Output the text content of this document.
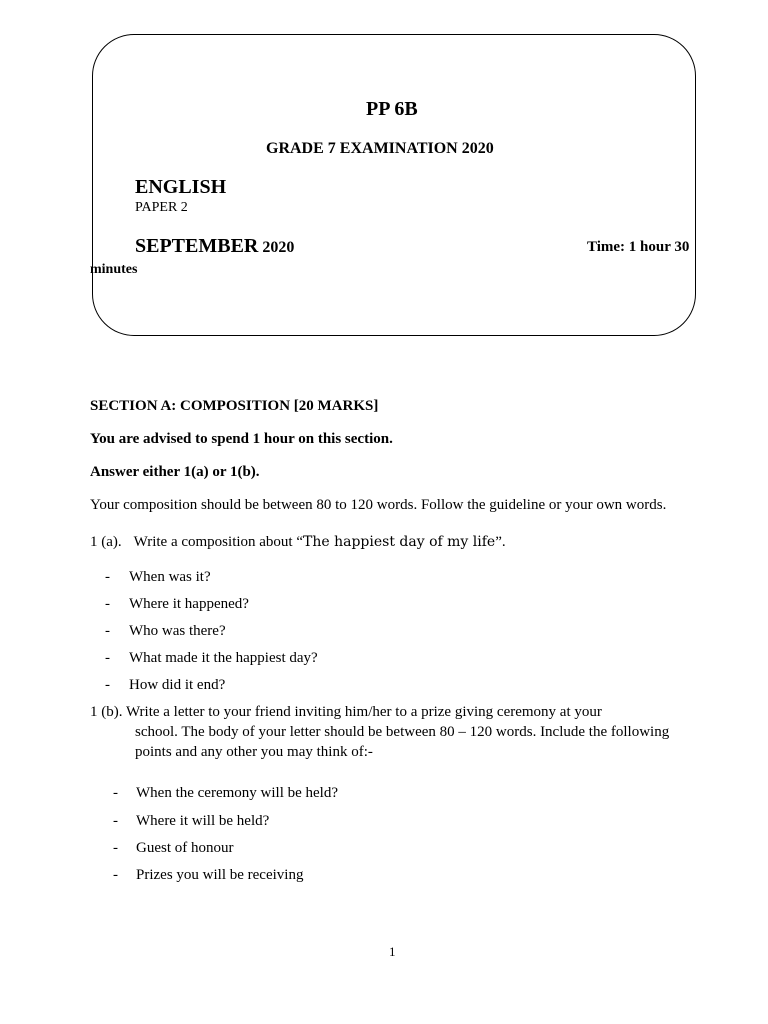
PP 6B
GRADE 7 EXAMINATION 2020
ENGLISH
PAPER 2
SEPTEMBER 2020	Time: 1 hour 30
minutes
SECTION A: COMPOSITION [20 MARKS]
You are advised to spend 1 hour on this section.
Answer either 1(a) or 1(b).
Your composition should be between 80 to 120 words. Follow the guideline or your own words.
1 (a). Write a composition about “The happiest day of my life”.
- When was it?
- Where it happened?
- Who was there?
- What made it the happiest day?
- How did it end?
1 (b). Write a letter to your friend inviting him/her to a prize giving ceremony at your
school. The body of your letter should be between 80 – 120 words. Include the following
points and any other you may think of:-
- When the ceremony will be held?
- Where it will be held?
- Guest of honour
- Prizes you will be receiving
1
